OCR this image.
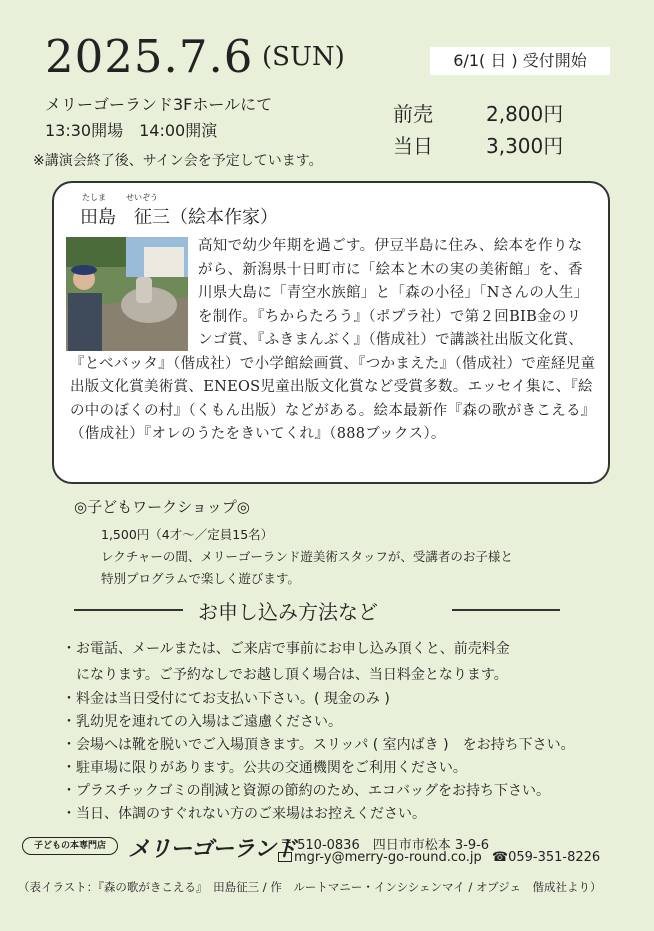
2025.7.6 (SUN)	6/1( 日 ) 受付開始
メリーゴーランド3Fホールにて
13:30開場　14:00開演
前売	2,800円
当日	3,300円
※講演会終了後、サイン会を予定しています。
たしま	せいぞう
田島　征三（絵本作家）
高知で幼少年期を過ごす。伊豆半島に住み、絵本を作りながら、新潟県十日町市に「絵本と木の実の美術館」を、香川県大島に「青空水族館」と「森の小径」「Nさんの人生」を制作。『ちからたろう』（ポプラ社）で第２回BIB金のリンゴ賞、『ふきまんぶく』（偕成社）で講談社出版文化賞、『とべバッタ』（偕成社）で小学館絵画賞、『つかまえた』（偕成社）で産経児童出版文化賞美術賞、ENEOS児童出版文化賞など受賞多数。エッセイ集に、『絵の中のぼくの村』（くもん出版）などがある。絵本最新作『森の歌がきこえる』（偕成社）『オレのうたをきいてくれ』（888ブックス）。
◎子どもワークショップ◎
1,500円（4才〜／定員15名）
レクチャーの間、メリーゴーランド遊美術スタッフが、受講者のお子様と
特別プログラムで楽しく遊びます。
お申し込み方法など
・お電話、メールまたは、ご来店で事前にお申し込み頂くと、前売料金
　になります。ご予約なしでお越し頂く場合は、当日料金となります。
・料金は当日受付にてお支払い下さい。( 現金のみ )
・乳幼児を連れての入場はご遠慮ください。
・会場へは靴を脱いでご入場頂きます。スリッパ ( 室内ばき )　をお持ち下さい。
・駐車場に限りがあります。公共の交通機関をご利用ください。
・プラスチックゴミの削減と資源の節約のため、エコバッグをお持ち下さい。
・当日、体調のすぐれない方のご来場はお控えください。
子どもの本専門店	メリーゴーランド
〒 510-0836　四日市市松本 3-9-6
mgr-y@merry-go-round.co.jp ☎059-351-8226
（表イラスト：『森の歌がきこえる』　田島征三 / 作　ルートマニー・インシシェンマイ / オブジェ　偕成社より）
